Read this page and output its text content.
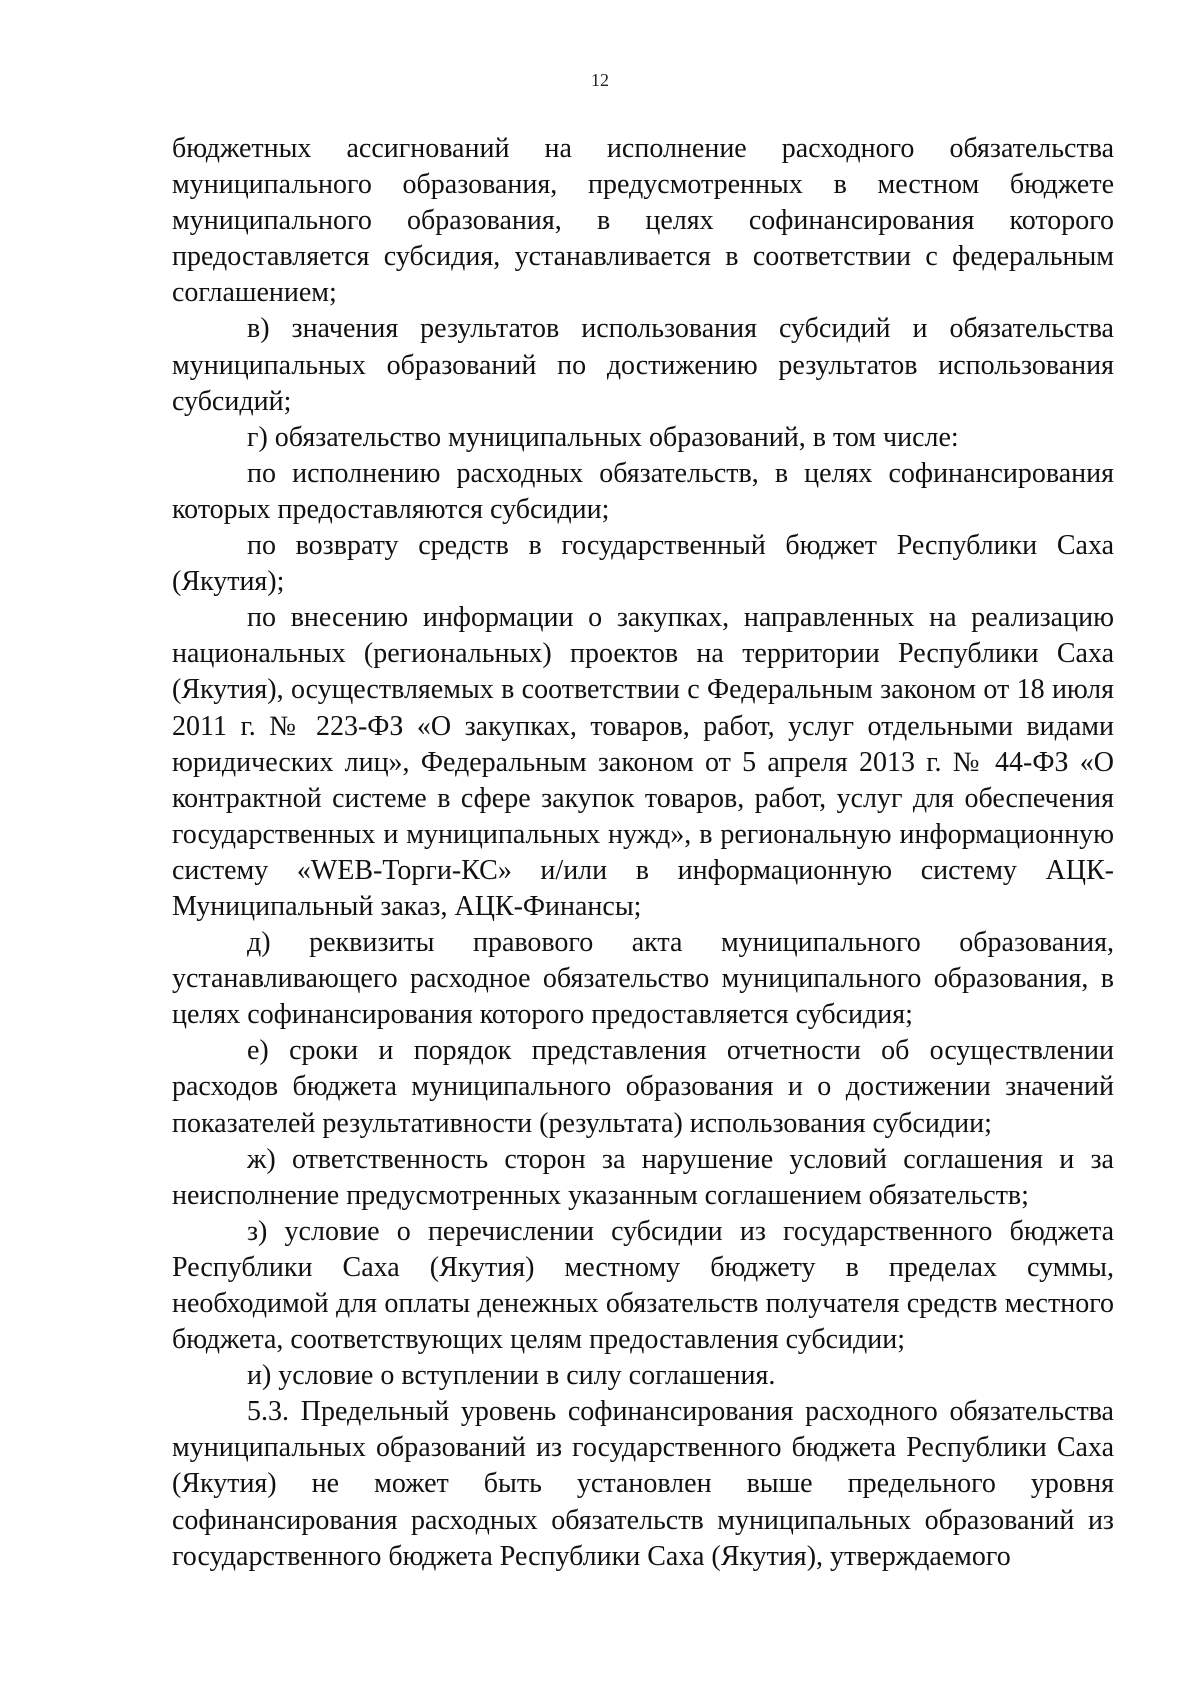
12

бюджетных ассигнований на исполнение расходного обязательства муниципального образования, предусмотренных в местном бюджете муниципального образования, в целях софинансирования которого предоставляется субсидия, устанавливается в соответствии с федеральным соглашением;

в) значения результатов использования субсидий и обязательства муниципальных образований по достижению результатов использования субсидий;

г) обязательство муниципальных образований, в том числе:

по исполнению расходных обязательств, в целях софинансирования которых предоставляются субсидии;

по возврату средств в государственный бюджет Республики Саха (Якутия);

по внесению информации о закупках, направленных на реализацию национальных (региональных) проектов на территории Республики Саха (Якутия), осуществляемых в соответствии с Федеральным законом от 18 июля 2011 г. № 223-ФЗ «О закупках, товаров, работ, услуг отдельными видами юридических лиц», Федеральным законом от 5 апреля 2013 г. № 44-ФЗ «О контрактной системе в сфере закупок товаров, работ, услуг для обеспечения государственных и муниципальных нужд», в региональную информационную систему «WEB-Торги-КС» и/или в информационную систему АЦК-Муниципальный заказ, АЦК-Финансы;

д) реквизиты правового акта муниципального образования, устанавливающего расходное обязательство муниципального образования, в целях софинансирования которого предоставляется субсидия;

е) сроки и порядок представления отчетности об осуществлении расходов бюджета муниципального образования и о достижении значений показателей результативности (результата) использования субсидии;

ж) ответственность сторон за нарушение условий соглашения и за неисполнение предусмотренных указанным соглашением обязательств;

з) условие о перечислении субсидии из государственного бюджета Республики Саха (Якутия) местному бюджету в пределах суммы, необходимой для оплаты денежных обязательств получателя средств местного бюджета, соответствующих целям предоставления субсидии;

и) условие о вступлении в силу соглашения.

5.3. Предельный уровень софинансирования расходного обязательства муниципальных образований из государственного бюджета Республики Саха (Якутия) не может быть установлен выше предельного уровня софинансирования расходных обязательств муниципальных образований из государственного бюджета Республики Саха (Якутия), утверждаемого
